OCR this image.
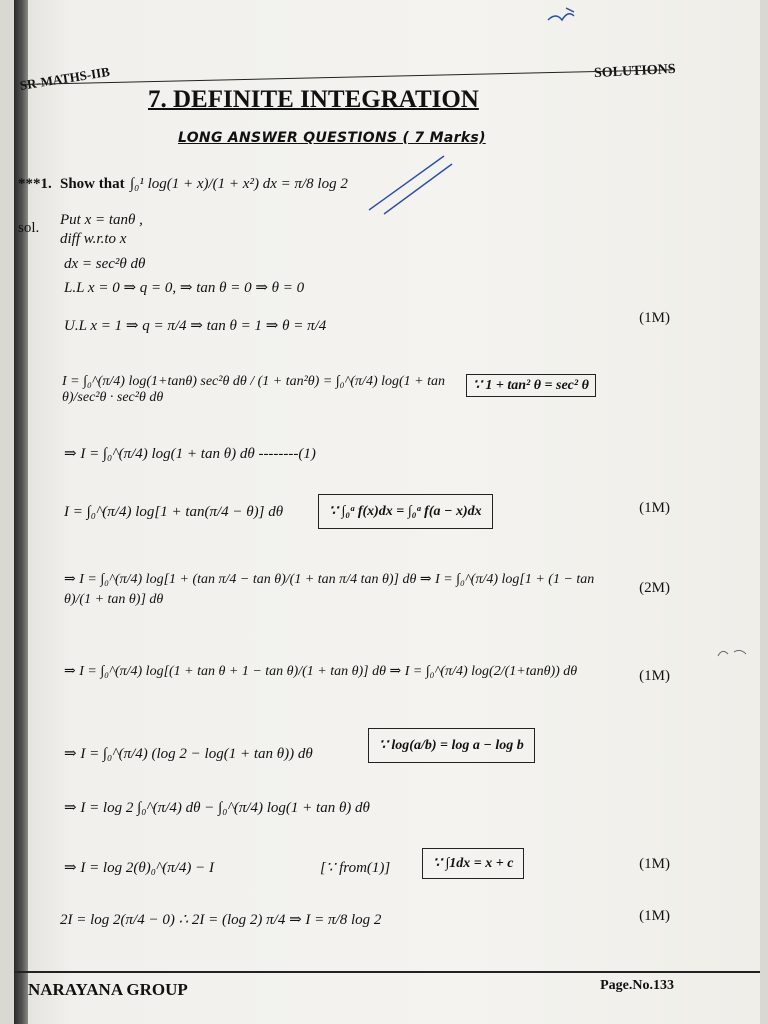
SR-MATHS-IIB	SOLUTIONS
7. DEFINITE INTEGRATION
LONG ANSWER QUESTIONS ( 7 Marks)
***1. Show that ∫₀¹ log(1 + x)/(1 + x²) dx = π/8 log 2
sol. Put x = tanθ ,
diff w.r.to x
dx = sec²θ dθ
L.L x = 0 ⇒ q = 0, ⇒ tan θ = 0 ⇒ θ = 0
U.L x = 1 ⇒ q = π/4 ⇒ tan θ = 1 ⇒ θ = π/4	(1M)
I = ∫₀^(π/4) log(1+tanθ) sec²θ dθ / (1 + tan²θ) = ∫₀^(π/4) log(1 + tan θ)/sec²θ · sec²θ dθ
∵ 1 + tan² θ = sec² θ
⇒ I = ∫₀^(π/4) log(1 + tan θ) dθ --------(1)
I = ∫₀^(π/4) log[1 + tan(π/4 − θ)] dθ	∵ ∫₀ᵃ f(x)dx = ∫₀ᵃ f(a − x)dx	(1M)
⇒ I = ∫₀^(π/4) log[1 + (tan π/4 − tan θ)/(1 + tan π/4 tan θ)] dθ ⇒ I = ∫₀^(π/4) log[1 + (1 − tan θ)/(1 + tan θ)] dθ
(2M)
⇒ I = ∫₀^(π/4) log[(1 + tan θ + 1 − tan θ)/(1 + tan θ)] dθ ⇒ I = ∫₀^(π/4) log(2/(1+tanθ)) dθ	(1M)
⇒ I = ∫₀^(π/4) (log 2 − log(1 + tan θ)) dθ
∵ log(a/b) = log a − log b
⇒ I = log 2 ∫₀^(π/4) dθ − ∫₀^(π/4) log(1 + tan θ) dθ
⇒ I = log 2(θ)₀^(π/4) − I	[∵ from(1)]	∵ ∫1dx = x + c	(1M)
2I = log 2(π/4 − 0) ∴ 2I = (log 2) π/4 ⇒ I = π/8 log 2	(1M)
NARAYANA GROUP	Page.No.133
